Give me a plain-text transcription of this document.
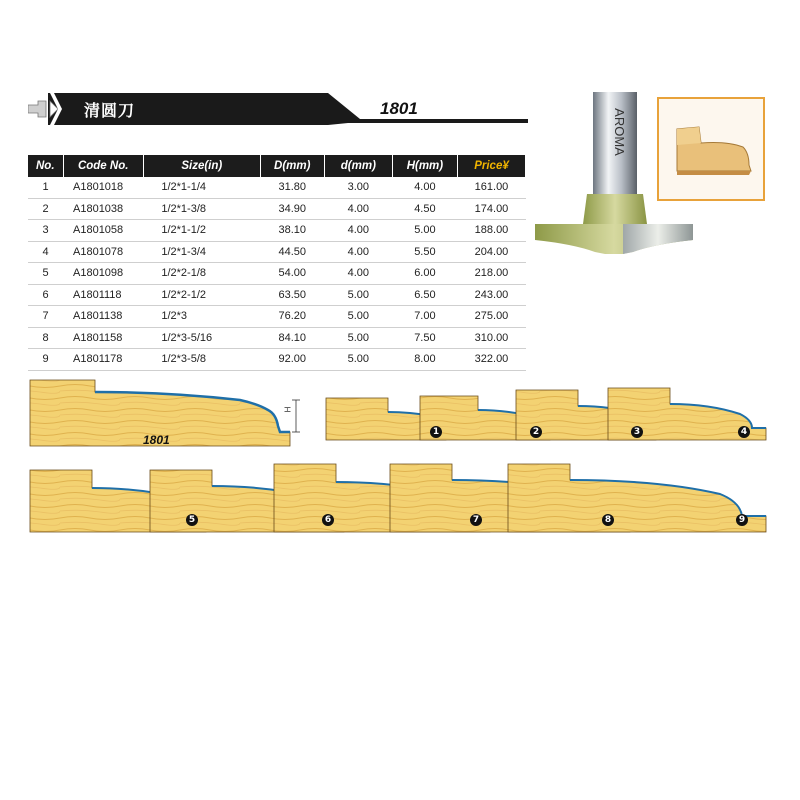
清圆刀	1801
No.	Code No.	Size(in)	D(mm)	d(mm)	H(mm)	Price¥
1	A1801018	1/2*1-1/4	31.80	3.00	4.00	161.00
2	A1801038	1/2*1-3/8	34.90	4.00	4.50	174.00
3	A1801058	1/2*1-1/2	38.10	4.00	5.00	188.00
4	A1801078	1/2*1-3/4	44.50	4.00	5.50	204.00
5	A1801098	1/2*2-1/8	54.00	4.00	6.00	218.00
6	A1801118	1/2*2-1/2	63.50	5.00	6.50	243.00
7	A1801138	1/2*3	76.20	5.00	7.00	275.00
8	A1801158	1/2*3-5/16	84.10	5.00	7.50	310.00
9	A1801178	1/2*3-5/8	92.00	5.00	8.00	322.00
AROMA
1801
H
1	2	3	4
5	6	7	8	9
